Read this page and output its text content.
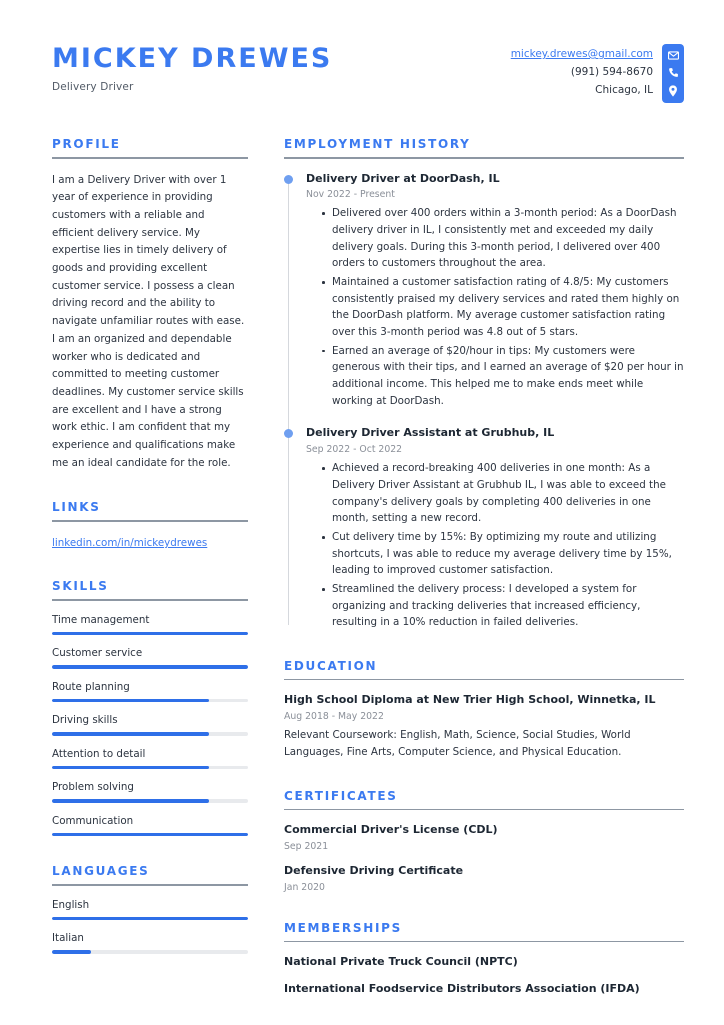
MICKEY DREWES
Delivery Driver
mickey.drewes@gmail.com
(991) 594-8670
Chicago, IL
PROFILE
I am a Delivery Driver with over 1 year of experience in providing customers with a reliable and efficient delivery service. My expertise lies in timely delivery of goods and providing excellent customer service. I possess a clean driving record and the ability to navigate unfamiliar routes with ease. I am an organized and dependable worker who is dedicated and committed to meeting customer deadlines. My customer service skills are excellent and I have a strong work ethic. I am confident that my experience and qualifications make me an ideal candidate for the role.
LINKS
linkedin.com/in/mickeydrewes
SKILLS
Time management
Customer service
Route planning
Driving skills
Attention to detail
Problem solving
Communication
LANGUAGES
English
Italian
EMPLOYMENT HISTORY
Delivery Driver at DoorDash, IL
Nov 2022 - Present
Delivered over 400 orders within a 3-month period: As a DoorDash delivery driver in IL, I consistently met and exceeded my daily delivery goals. During this 3-month period, I delivered over 400 orders to customers throughout the area.
Maintained a customer satisfaction rating of 4.8/5: My customers consistently praised my delivery services and rated them highly on the DoorDash platform. My average customer satisfaction rating over this 3-month period was 4.8 out of 5 stars.
Earned an average of $20/hour in tips: My customers were generous with their tips, and I earned an average of $20 per hour in additional income. This helped me to make ends meet while working at DoorDash.
Delivery Driver Assistant at Grubhub, IL
Sep 2022 - Oct 2022
Achieved a record-breaking 400 deliveries in one month: As a Delivery Driver Assistant at Grubhub IL, I was able to exceed the company's delivery goals by completing 400 deliveries in one month, setting a new record.
Cut delivery time by 15%: By optimizing my route and utilizing shortcuts, I was able to reduce my average delivery time by 15%, leading to improved customer satisfaction.
Streamlined the delivery process: I developed a system for organizing and tracking deliveries that increased efficiency, resulting in a 10% reduction in failed deliveries.
EDUCATION
High School Diploma at New Trier High School, Winnetka, IL
Aug 2018 - May 2022
Relevant Coursework: English, Math, Science, Social Studies, World Languages, Fine Arts, Computer Science, and Physical Education.
CERTIFICATES
Commercial Driver's License (CDL)
Sep 2021
Defensive Driving Certificate
Jan 2020
MEMBERSHIPS
National Private Truck Council (NPTC)
International Foodservice Distributors Association (IFDA)
